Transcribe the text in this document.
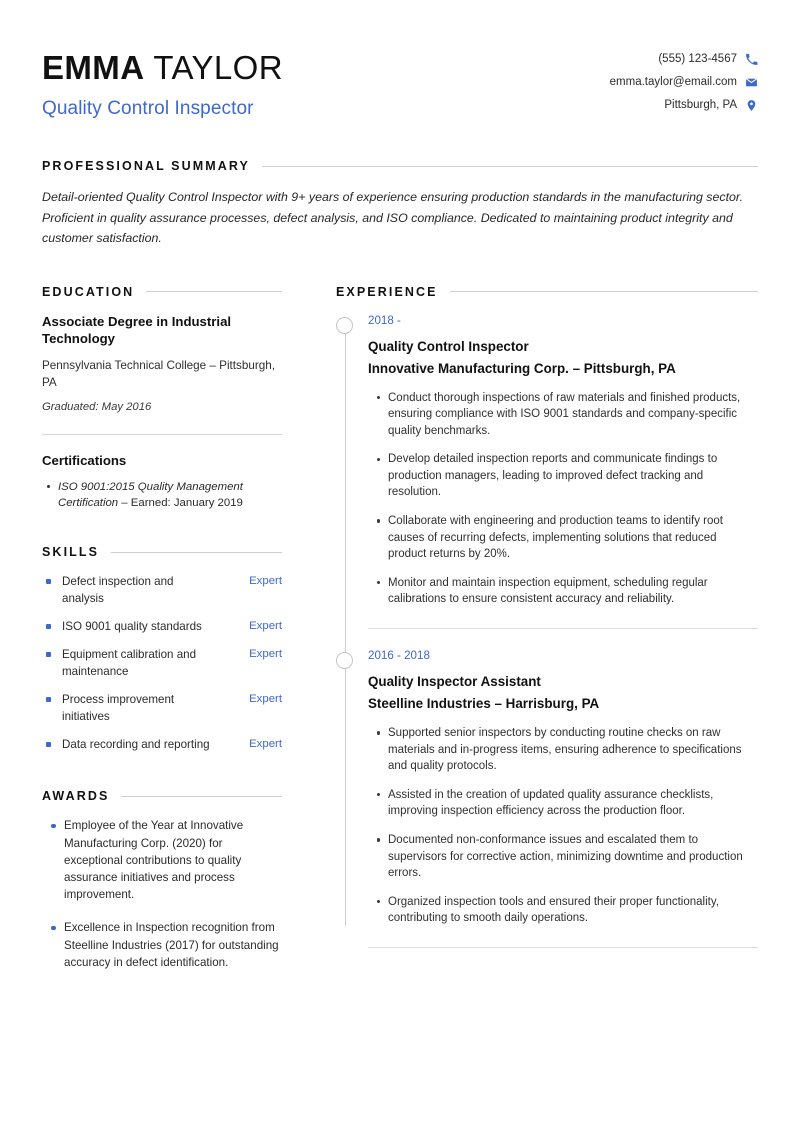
EMMA TAYLOR
Quality Control Inspector
(555) 123-4567
emma.taylor@email.com
Pittsburgh, PA
PROFESSIONAL SUMMARY
Detail-oriented Quality Control Inspector with 9+ years of experience ensuring production standards in the manufacturing sector. Proficient in quality assurance processes, defect analysis, and ISO compliance. Dedicated to maintaining product integrity and customer satisfaction.
EDUCATION
Associate Degree in Industrial Technology
Pennsylvania Technical College – Pittsburgh, PA
Graduated: May 2016
Certifications
ISO 9001:2015 Quality Management Certification – Earned: January 2019
SKILLS
Defect inspection and analysis
Expert
ISO 9001 quality standards	Expert
Equipment calibration and maintenance
Expert
Process improvement initiatives
Expert
Data recording and reporting	Expert
AWARDS
Employee of the Year at Innovative Manufacturing Corp. (2020) for exceptional contributions to quality assurance initiatives and process improvement.
Excellence in Inspection recognition from Steelline Industries (2017) for outstanding accuracy in defect identification.
EXPERIENCE
2018 -
Quality Control Inspector
Innovative Manufacturing Corp. – Pittsburgh, PA
Conduct thorough inspections of raw materials and finished products, ensuring compliance with ISO 9001 standards and company-specific quality benchmarks.
Develop detailed inspection reports and communicate findings to production managers, leading to improved defect tracking and resolution.
Collaborate with engineering and production teams to identify root causes of recurring defects, implementing solutions that reduced product returns by 20%.
Monitor and maintain inspection equipment, scheduling regular calibrations to ensure consistent accuracy and reliability.
2016 - 2018
Quality Inspector Assistant
Steelline Industries – Harrisburg, PA
Supported senior inspectors by conducting routine checks on raw materials and in-progress items, ensuring adherence to specifications and quality protocols.
Assisted in the creation of updated quality assurance checklists, improving inspection efficiency across the production floor.
Documented non-conformance issues and escalated them to supervisors for corrective action, minimizing downtime and production errors.
Organized inspection tools and ensured their proper functionality, contributing to smooth daily operations.
